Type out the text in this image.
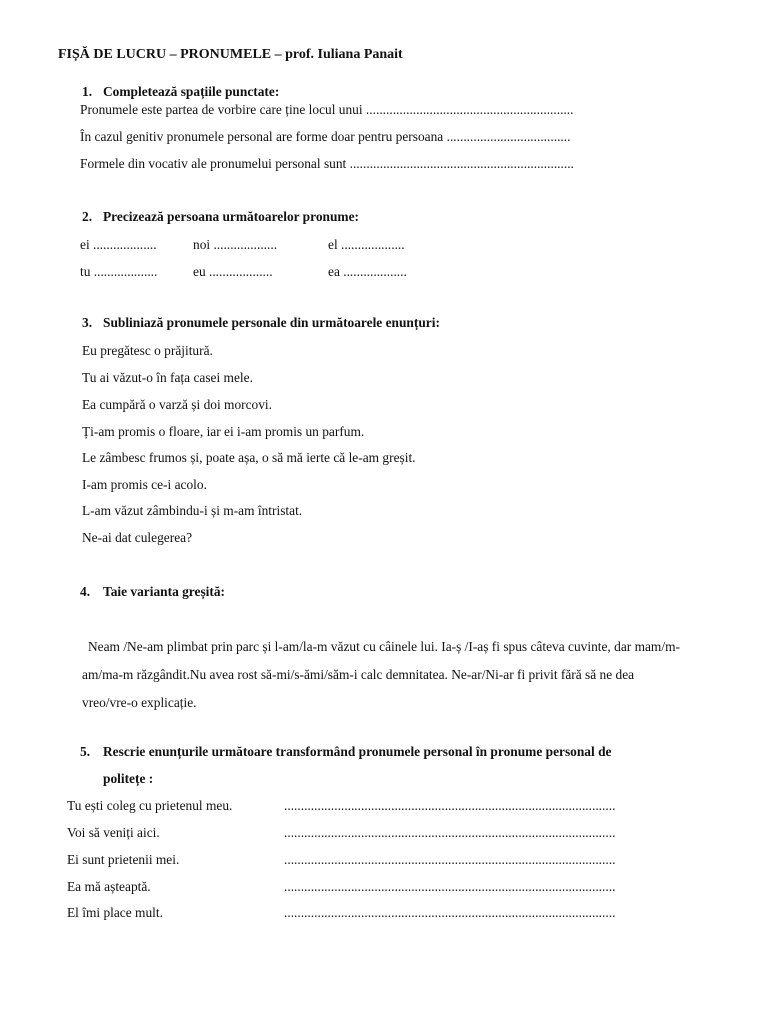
FIȘĂ DE LUCRU – PRONUMELE – prof. Iuliana Panait
1. Completează spațiile punctate:
Pronumele este partea de vorbire care ține locul unui ..............................................................
În cazul genitiv pronumele personal are forme doar pentru persoana .....................................
Formele din vocativ ale pronumelui personal sunt ...................................................................
2. Precizează persoana următoarelor pronume:
ei ...................	noi ...................	el ...................
tu ...................	eu ...................	ea ...................
3. Subliniază pronumele personale din următoarele enunțuri:
Eu pregătesc o prăjitură.
Tu ai văzut-o în fața casei mele.
Ea cumpără o varză și doi morcovi.
Ți-am promis o floare, iar ei i-am promis un parfum.
Le zâmbesc frumos și, poate așa, o să mă ierte că le-am greșit.
I-am promis ce-i acolo.
L-am văzut zâmbindu-i și m-am întristat.
Ne-ai dat culegerea?
4. Taie varianta greșită:
Neam /Ne-am plimbat prin parc și l-am/la-m văzut cu câinele lui. Ia-ș /I-aș fi spus câteva cuvinte, dar mam/m-am/ma-m răzgândit.Nu avea rost să-mi/s-ămi/săm-i calc demnitatea. Ne-ar/Ni-ar fi privit fără să ne dea vreo/vre-o explicație.
5. Rescrie enunțurile următoare transformând pronumele personal în pronume personal de
politețe :
Tu ești coleg cu prietenul meu.	...................................................................................................
Voi să veniți aici.	...................................................................................................
Ei sunt prietenii mei.	...................................................................................................
Ea mă așteaptă.	...................................................................................................
El îmi place mult.	...................................................................................................
